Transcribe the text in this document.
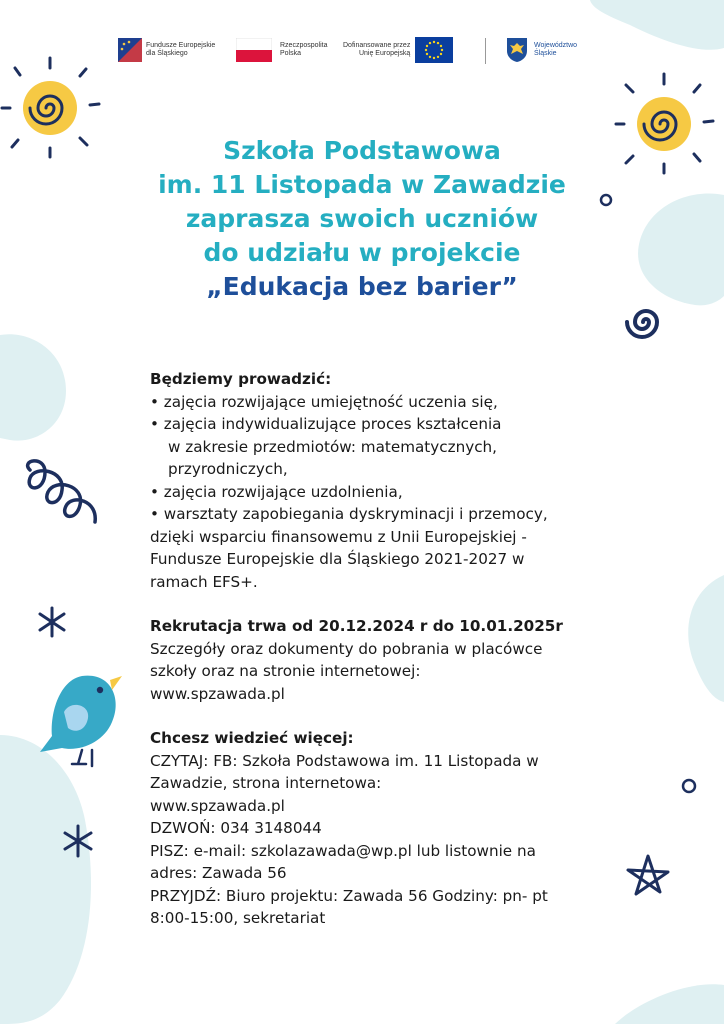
Fundusze Europejskie
dla Śląskiego
Rzeczpospolita
Polska
Dofinansowane przez
Unię Europejską
Województwo
Śląskie
Szkoła Podstawowa
im. 11 Listopada w Zawadzie
zaprasza swoich uczniów
do udziału w projekcie
„Edukacja bez barier”
Będziemy prowadzić:
• zajęcia rozwijające umiejętność uczenia się,
• zajęcia indywidualizujące proces kształcenia
w zakresie przedmiotów: matematycznych,
przyrodniczych,
• zajęcia rozwijające uzdolnienia,
• warsztaty zapobiegania dyskryminacji i przemocy,
dzięki wsparciu finansowemu z Unii Europejskiej -
Fundusze Europejskie dla Śląskiego 2021-2027 w
ramach EFS+.
Rekrutacja trwa od 20.12.2024 r do 10.01.2025r
Szczegóły oraz dokumenty do pobrania w placówce
szkoły oraz na stronie internetowej:
www.spzawada.pl
Chcesz wiedzieć więcej:
CZYTAJ: FB: Szkoła Podstawowa im. 11 Listopada w
Zawadzie, strona internetowa:
www.spzawada.pl
DZWOŃ: 034 3148044
PISZ: e-mail: szkolazawada@wp.pl lub listownie na
adres: Zawada 56
PRZYJDŹ: Biuro projektu: Zawada 56 Godziny: pn- pt
8:00-15:00, sekretariat
